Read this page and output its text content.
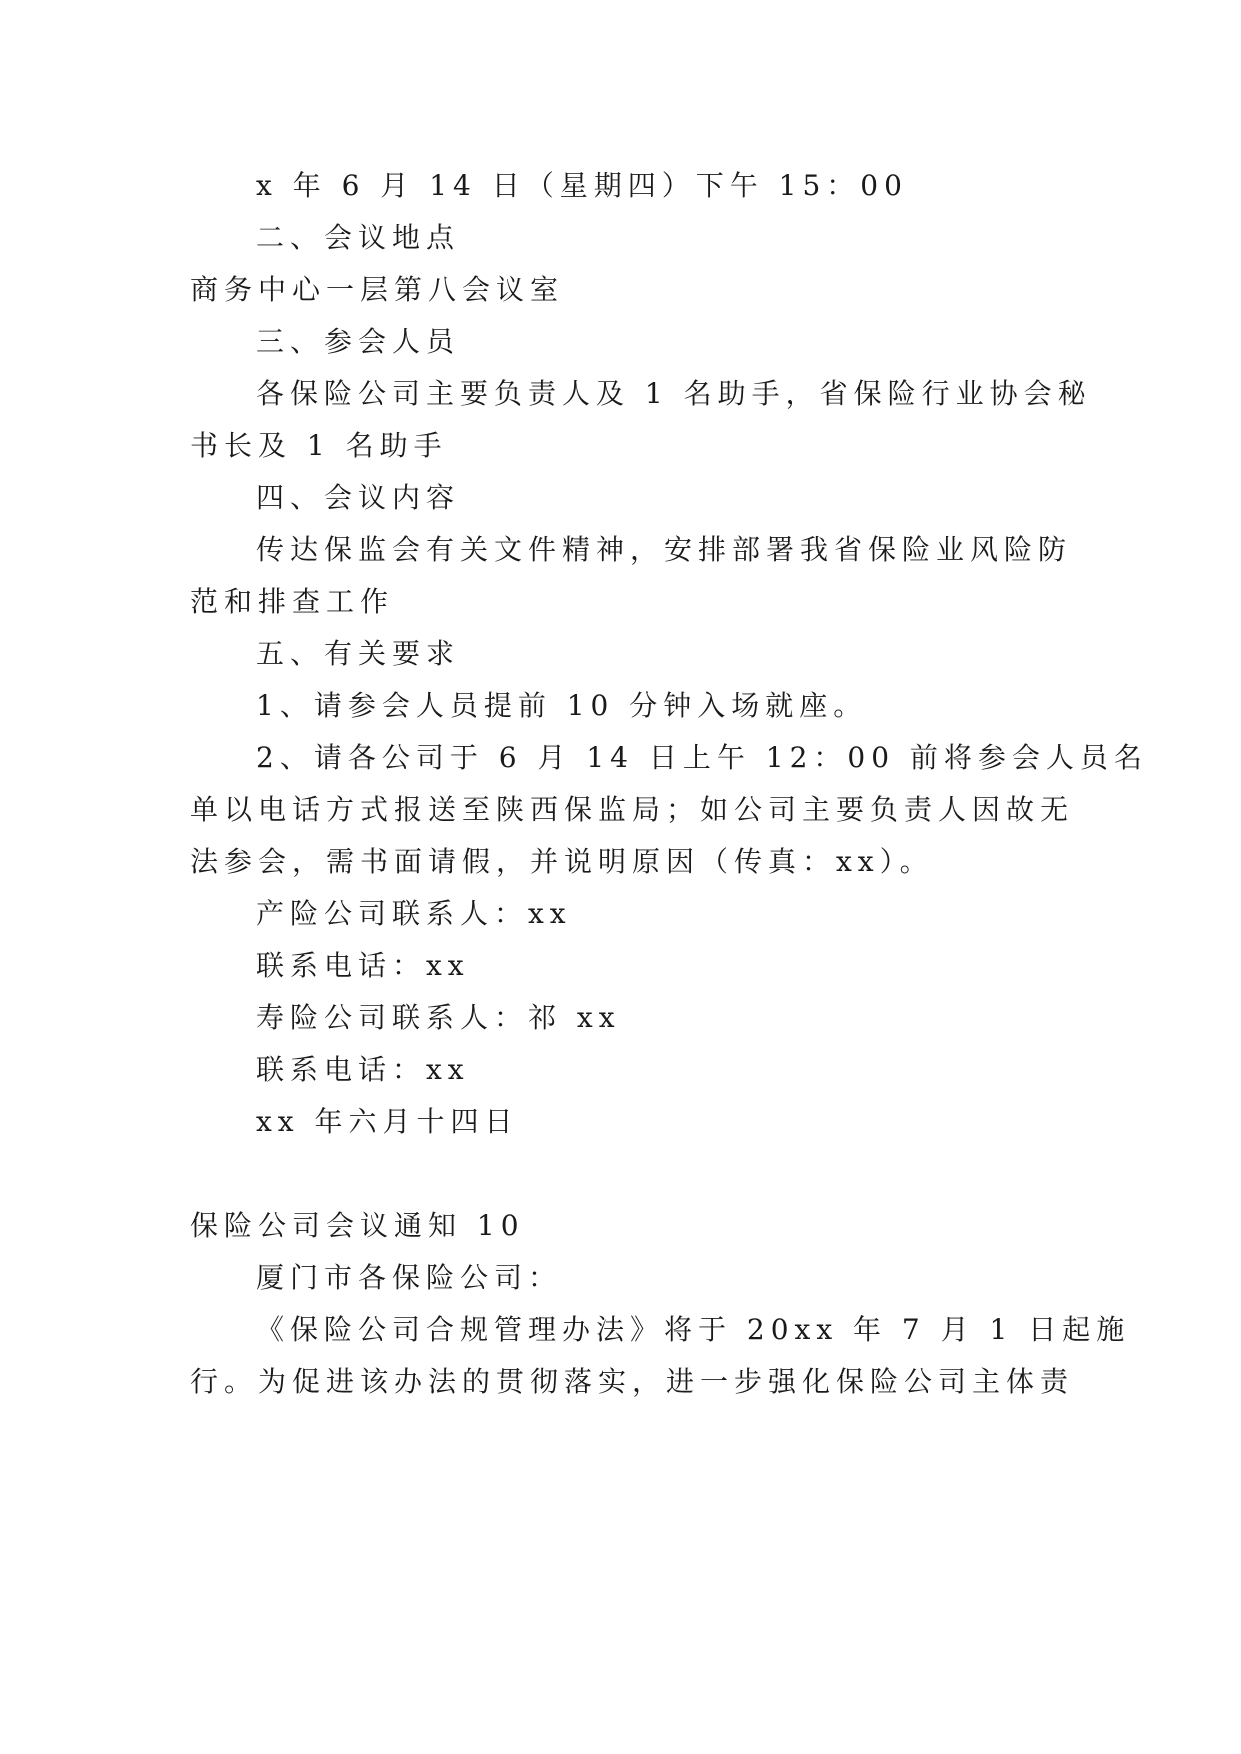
x 年 6 月 14 日（星期四）下午 15：00
二、会议地点
商务中心一层第八会议室
三、参会人员
各保险公司主要负责人及 1 名助手，省保险行业协会秘
书长及 1 名助手
四、会议内容
传达保监会有关文件精神，安排部署我省保险业风险防
范和排查工作
五、有关要求
1、请参会人员提前 10 分钟入场就座。
2、请各公司于 6 月 14 日上午 12：00 前将参会人员名
单以电话方式报送至陕西保监局；如公司主要负责人因故无
法参会，需书面请假，并说明原因（传真：xx）。
产险公司联系人：xx
联系电话：xx
寿险公司联系人：祁 xx
联系电话：xx
xx 年六月十四日
保险公司会议通知 10
厦门市各保险公司：
《保险公司合规管理办法》将于 20xx 年 7 月 1 日起施
行。为促进该办法的贯彻落实，进一步强化保险公司主体责
